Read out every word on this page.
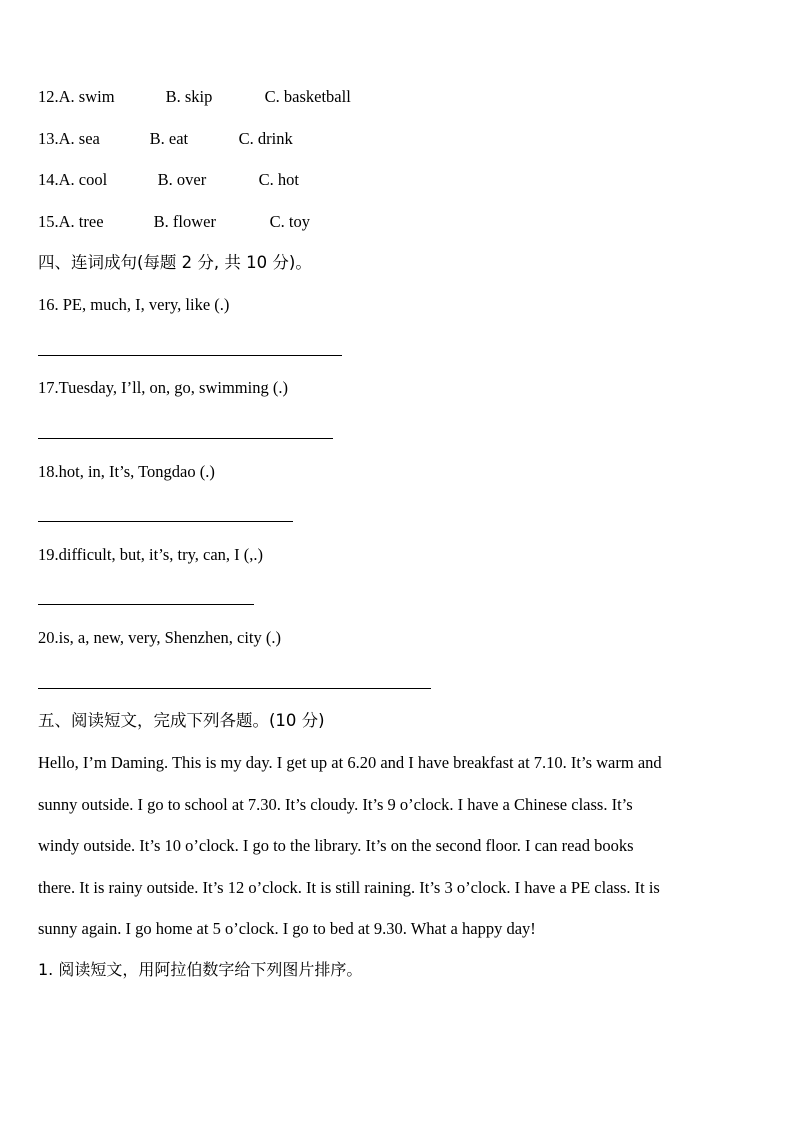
12.A. swim	B. skip	C. basketball
13.A. sea	B. eat	C. drink
14.A. cool	B. over	C. hot
15.A. tree	B. flower	C. toy
四、连词成句(每题 2 分, 共 10 分)。
16. PE, much, I, very, like (.)
17.Tuesday, I’ll, on, go, swimming (.)
18.hot, in, It’s, Tongdao (.)
19.difficult, but, it’s, try, can, I (,.)
20.is, a, new, very, Shenzhen, city (.)
五、阅读短文，完成下列各题。(10 分)
Hello, I’m Daming. This is my day. I get up at 6.20 and I have breakfast at 7.10. It’s warm and
sunny outside. I go to school at 7.30. It’s cloudy. It’s 9 o’clock. I have a Chinese class. It’s
windy outside. It’s 10 o’clock. I go to the library. It’s on the second floor. I can read books
there. It is rainy outside. It’s 12 o’clock. It is still raining. It’s 3 o’clock. I have a PE class. It is
sunny again. I go home at 5 o’clock. I go to bed at 9.30. What a happy day!
1. 阅读短文，用阿拉伯数字给下列图片排序。
